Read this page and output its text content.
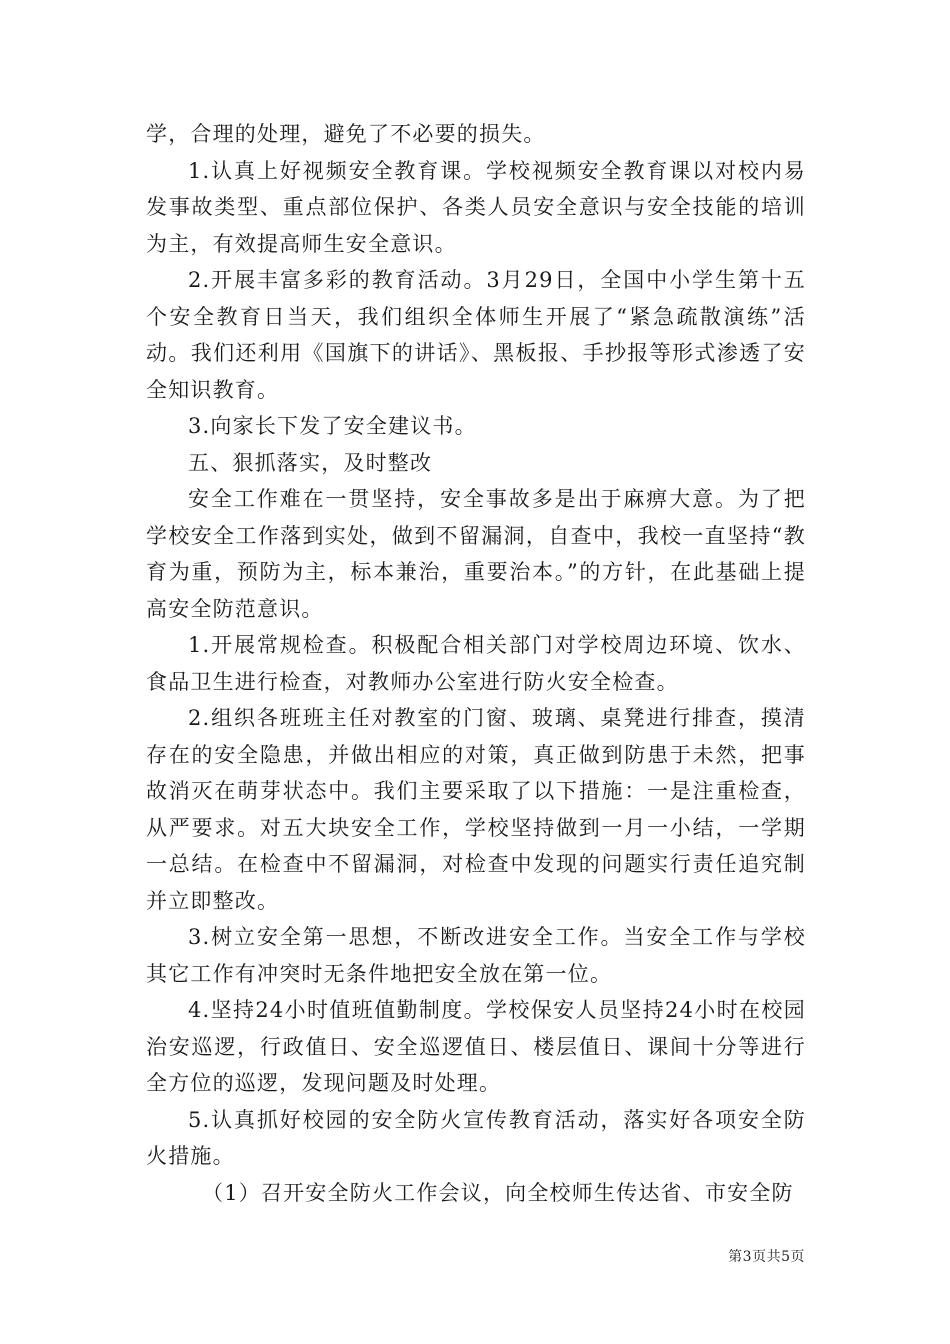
学，合理的处理，避免了不必要的损失。

1.认真上好视频安全教育课。学校视频安全教育课以对校内易发事故类型、重点部位保护、各类人员安全意识与安全技能的培训为主，有效提高师生安全意识。

2.开展丰富多彩的教育活动。3月29日，全国中小学生第十五个安全教育日当天，我们组织全体师生开展了“紧急疏散演练”活动。我们还利用《国旗下的讲话》、黑板报、手抄报等形式渗透了安全知识教育。

3.向家长下发了安全建议书。

五、狠抓落实，及时整改

安全工作难在一贯坚持，安全事故多是出于麻痹大意。为了把学校安全工作落到实处，做到不留漏洞，自查中，我校一直坚持“教育为重，预防为主，标本兼治，重要治本。”的方针，在此基础上提高安全防范意识。

1.开展常规检查。积极配合相关部门对学校周边环境、饮水、食品卫生进行检查，对教师办公室进行防火安全检查。

2.组织各班班主任对教室的门窗、玻璃、桌凳进行排查，摸清存在的安全隐患，并做出相应的对策，真正做到防患于未然，把事故消灭在萌芽状态中。我们主要采取了以下措施：一是注重检查，从严要求。对五大块安全工作，学校坚持做到一月一小结，一学期一总结。在检查中不留漏洞，对检查中发现的问题实行责任追究制并立即整改。

3.树立安全第一思想，不断改进安全工作。当安全工作与学校其它工作有冲突时无条件地把安全放在第一位。

4.坚持24小时值班值勤制度。学校保安人员坚持24小时在校园治安巡逻，行政值日、安全巡逻值日、楼层值日、课间十分等进行全方位的巡逻，发现问题及时处理。

5.认真抓好校园的安全防火宣传教育活动，落实好各项安全防火措施。

（1）召开安全防火工作会议，向全校师生传达省、市安全防

第3页共5页
